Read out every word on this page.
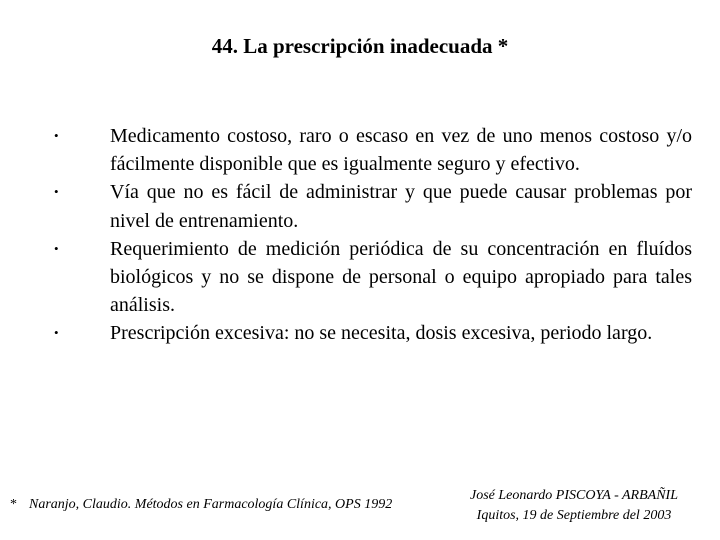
44. La prescripción inadecuada *
•	Medicamento costoso, raro o escaso en vez de uno menos costoso y/o fácilmente disponible que es igualmente seguro y efectivo.
•	Vía que no es fácil de administrar y que puede causar problemas por nivel de entrenamiento.
•	Requerimiento de medición periódica de su concentración en fluídos biológicos y no se dispone de personal o equipo apropiado para tales análisis.
•	Prescripción excesiva: no se necesita, dosis excesiva, periodo largo.
* Naranjo, Claudio. Métodos en Farmacología Clínica, OPS 1992
José Leonardo PISCOYA - ARBAÑIL
Iquitos, 19 de Septiembre del 2003
